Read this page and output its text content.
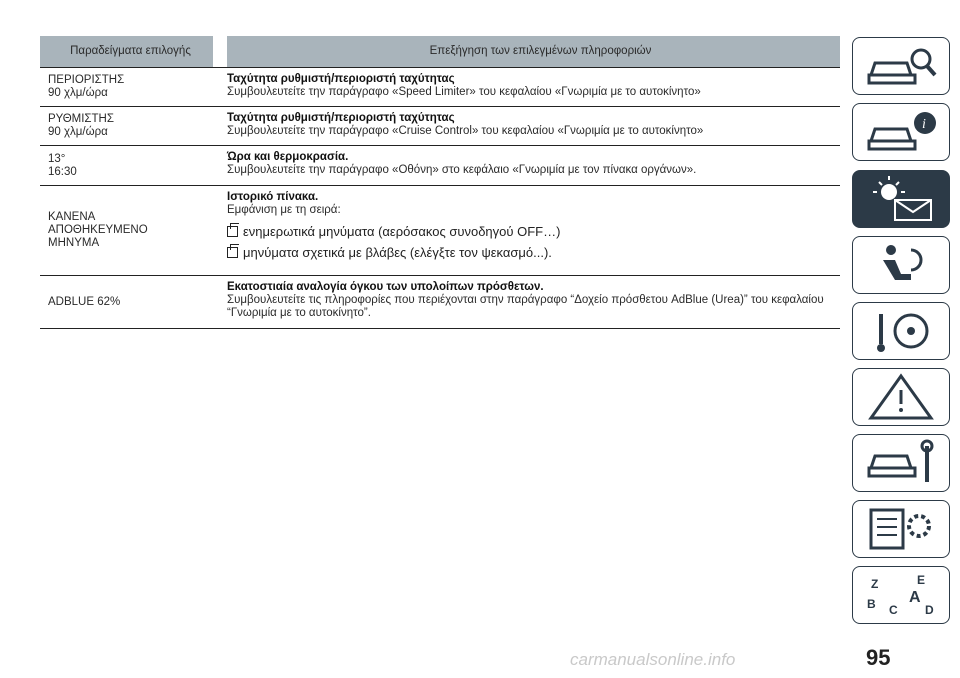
Παραδείγματα επιλογής	Επεξήγηση των επιλεγμένων πληροφοριών
ΠΕΡΙΟΡΙΣΤΗΣ
90 χλμ/ώρα
Ταχύτητα ρυθμιστή/περιοριστή ταχύτητας
Συμβουλευτείτε την παράγραφο «Speed Limiter» του κεφαλαίου «Γνωριμία με το αυτοκίνητο»
ΡΥΘΜΙΣΤΗΣ
90 χλμ/ώρα
Ταχύτητα ρυθμιστή/περιοριστή ταχύτητας
Συμβουλευτείτε την παράγραφο «Cruise Control» του κεφαλαίου «Γνωριμία με το αυτοκίνητο»
13°
16:30
Ώρα και θερμοκρασία.
Συμβουλευτείτε την παράγραφο «Οθόνη» στο κεφάλαιο «Γνωριμία με τον πίνακα οργάνων».
ΚΑΝΕΝΑ
ΑΠΟΘΗΚΕΥΜΕΝΟ
ΜΗΝΥΜΑ
Ιστορικό πίνακα.
Εμφάνιση με τη σειρά:
ενημερωτικά μηνύματα (αερόσακος συνοδηγού OFF…)
μηνύματα σχετικά με βλάβες (ελέγξτε τον ψεκασμό...).
ADBLUE 62%
Εκατοστιαία αναλογία όγκου των υπολοίπων πρόσθετων.
Συμβουλευτείτε τις πληροφορίες που περιέχονται στην παράγραφο “Δοχείο πρόσθετου AdBlue (Urea)” του κεφαλαίου “Γνωριμία με το αυτοκίνητο”.
i
Z	E
B A
C D
95
carmanualsonline.info
